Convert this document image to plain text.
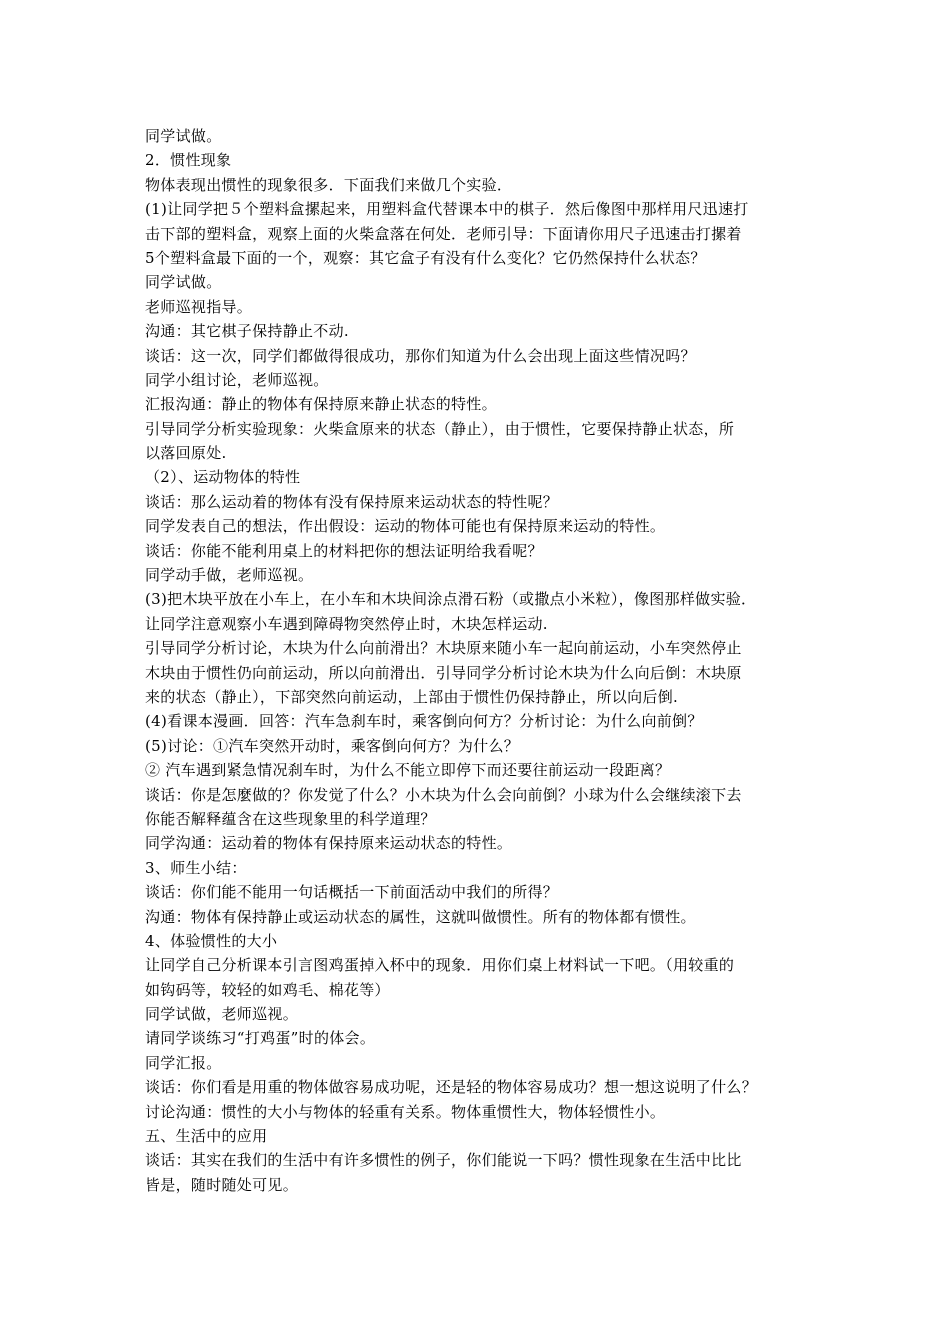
同学试做。
2．惯性现象
物体表现出惯性的现象很多．下面我们来做几个实验．
(1)让同学把５个塑料盒摞起来，用塑料盒代替课本中的棋子．然后像图中那样用尺迅速打
击下部的塑料盒，观察上面的火柴盒落在何处．老师引导：下面请你用尺子迅速击打摞着
5个塑料盒最下面的一个，观察：其它盒子有没有什么变化？它仍然保持什么状态？
同学试做。
老师巡视指导。
沟通：其它棋子保持静止不动.
谈话：这一次，同学们都做得很成功，那你们知道为什么会出现上面这些情况吗？
同学小组讨论，老师巡视。
汇报沟通：静止的物体有保持原来静止状态的特性。
引导同学分析实验现象：火柴盒原来的状态（静止），由于惯性，它要保持静止状态，所
以落回原处.
（2）、运动物体的特性
谈话：那么运动着的物体有没有保持原来运动状态的特性呢？
同学发表自己的想法，作出假设：运动的物体可能也有保持原来运动的特性。
谈话：你能不能利用桌上的材料把你的想法证明给我看呢？
同学动手做，老师巡视。
(3)把木块平放在小车上，在小车和木块间涂点滑石粉（或撒点小米粒），像图那样做实验．
让同学注意观察小车遇到障碍物突然停止时，木块怎样运动.
引导同学分析讨论，木块为什么向前滑出？木块原来随小车一起向前运动，小车突然停止
木块由于惯性仍向前运动，所以向前滑出．引导同学分析讨论木块为什么向后倒：木块原
来的状态（静止），下部突然向前运动，上部由于惯性仍保持静止，所以向后倒.
(4)看课本漫画．回答：汽车急刹车时，乘客倒向何方？分析讨论：为什么向前倒？
(5)讨论：①汽车突然开动时，乘客倒向何方？为什么？
② 汽车遇到紧急情况刹车时，为什么不能立即停下而还要往前运动一段距离？
谈话：你是怎麼做的？你发觉了什么？小木块为什么会向前倒？小球为什么会继续滚下去
你能否解释蕴含在这些现象里的科学道理？
同学沟通：运动着的物体有保持原来运动状态的特性。
3、师生小结：
谈话：你们能不能用一句话概括一下前面活动中我们的所得？
沟通：物体有保持静止或运动状态的属性，这就叫做惯性。所有的物体都有惯性。
4、体验惯性的大小
让同学自己分析课本引言图鸡蛋掉入杯中的现象．用你们桌上材料试一下吧。（用较重的
如钩码等，较轻的如鸡毛、棉花等）
同学试做，老师巡视。
请同学谈练习“打鸡蛋”时的体会。
同学汇报。
谈话：你们看是用重的物体做容易成功呢，还是轻的物体容易成功？想一想这说明了什么？
讨论沟通：惯性的大小与物体的轻重有关系。物体重惯性大，物体轻惯性小。
五、生活中的应用
谈话：其实在我们的生活中有许多惯性的例子，你们能说一下吗？惯性现象在生活中比比
皆是，随时随处可见。
